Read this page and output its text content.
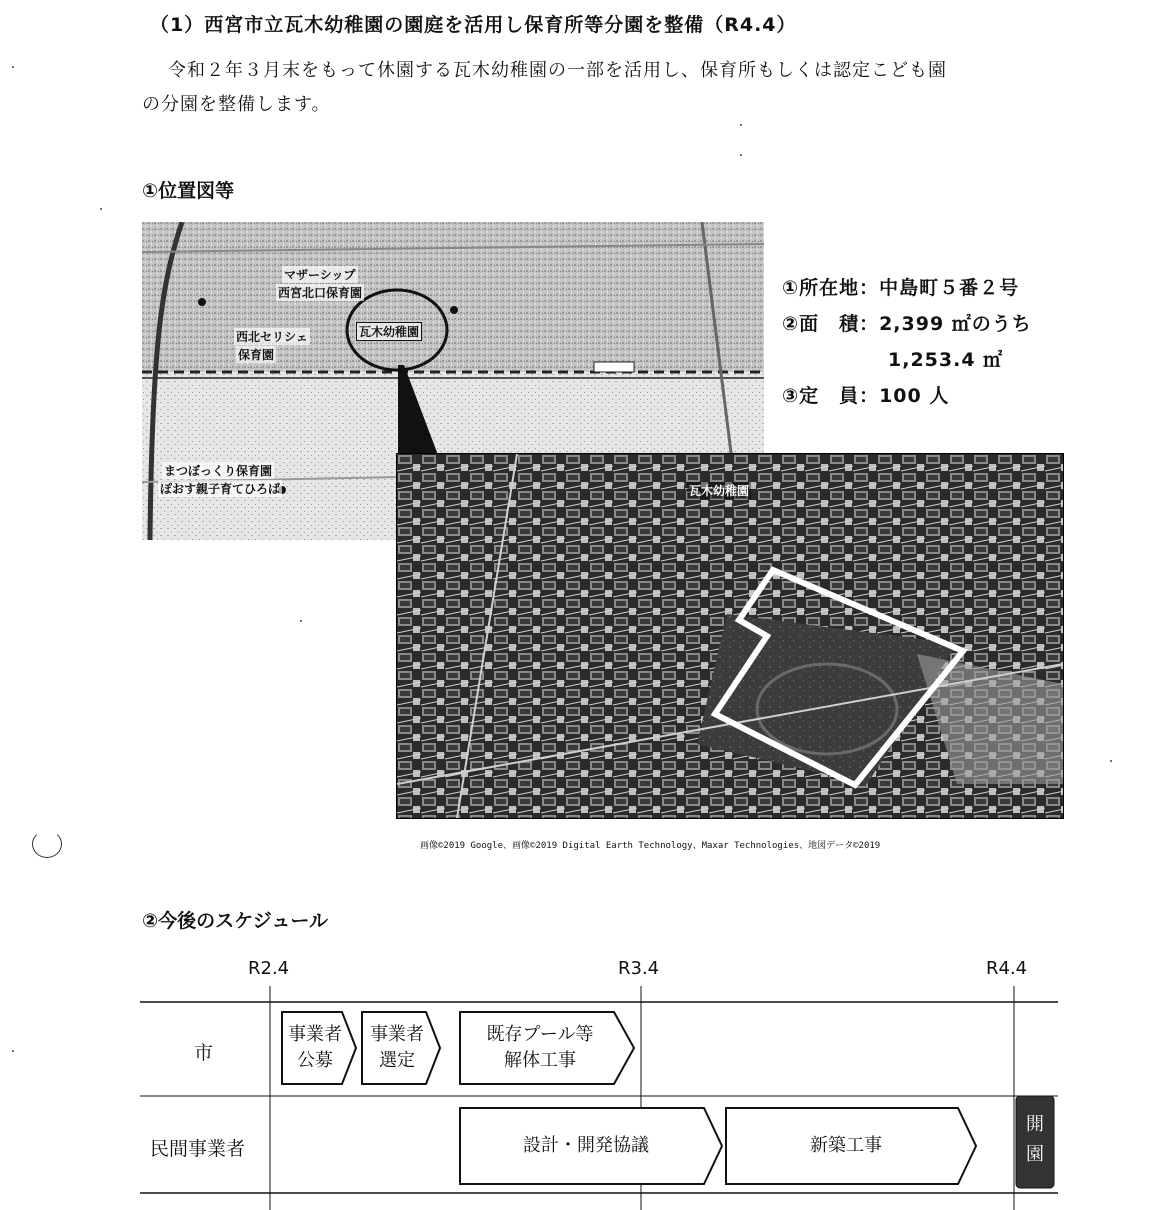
（1）西宮市立瓦木幼稚園の園庭を活用し保育所等分園を整備（R4.4）
令和２年３月末をもって休園する瓦木幼稚園の一部を活用し、保育所もしくは認定こども園
の分園を整備します。
①位置図等
マザーシップ
西宮北口保育園
西北セリシェ
保育園
瓦木幼稚園
まつぼっくり保育園
ぽおす親子育てひろば
①所在地：中島町５番２号
②面　積：2,399 ㎡のうち
1,253.4 ㎡
③定　員：100 人
瓦木幼稚園
画像©2019 Google、画像©2019 Digital Earth Technology、Maxar Technologies、地図データ©2019
②今後のスケジュール
R2.4	R3.4	R4.4
市
民間事業者
事業者
公募
事業者
選定
既存プール等
解体工事
設計・開発協議	新築工事
開
園
